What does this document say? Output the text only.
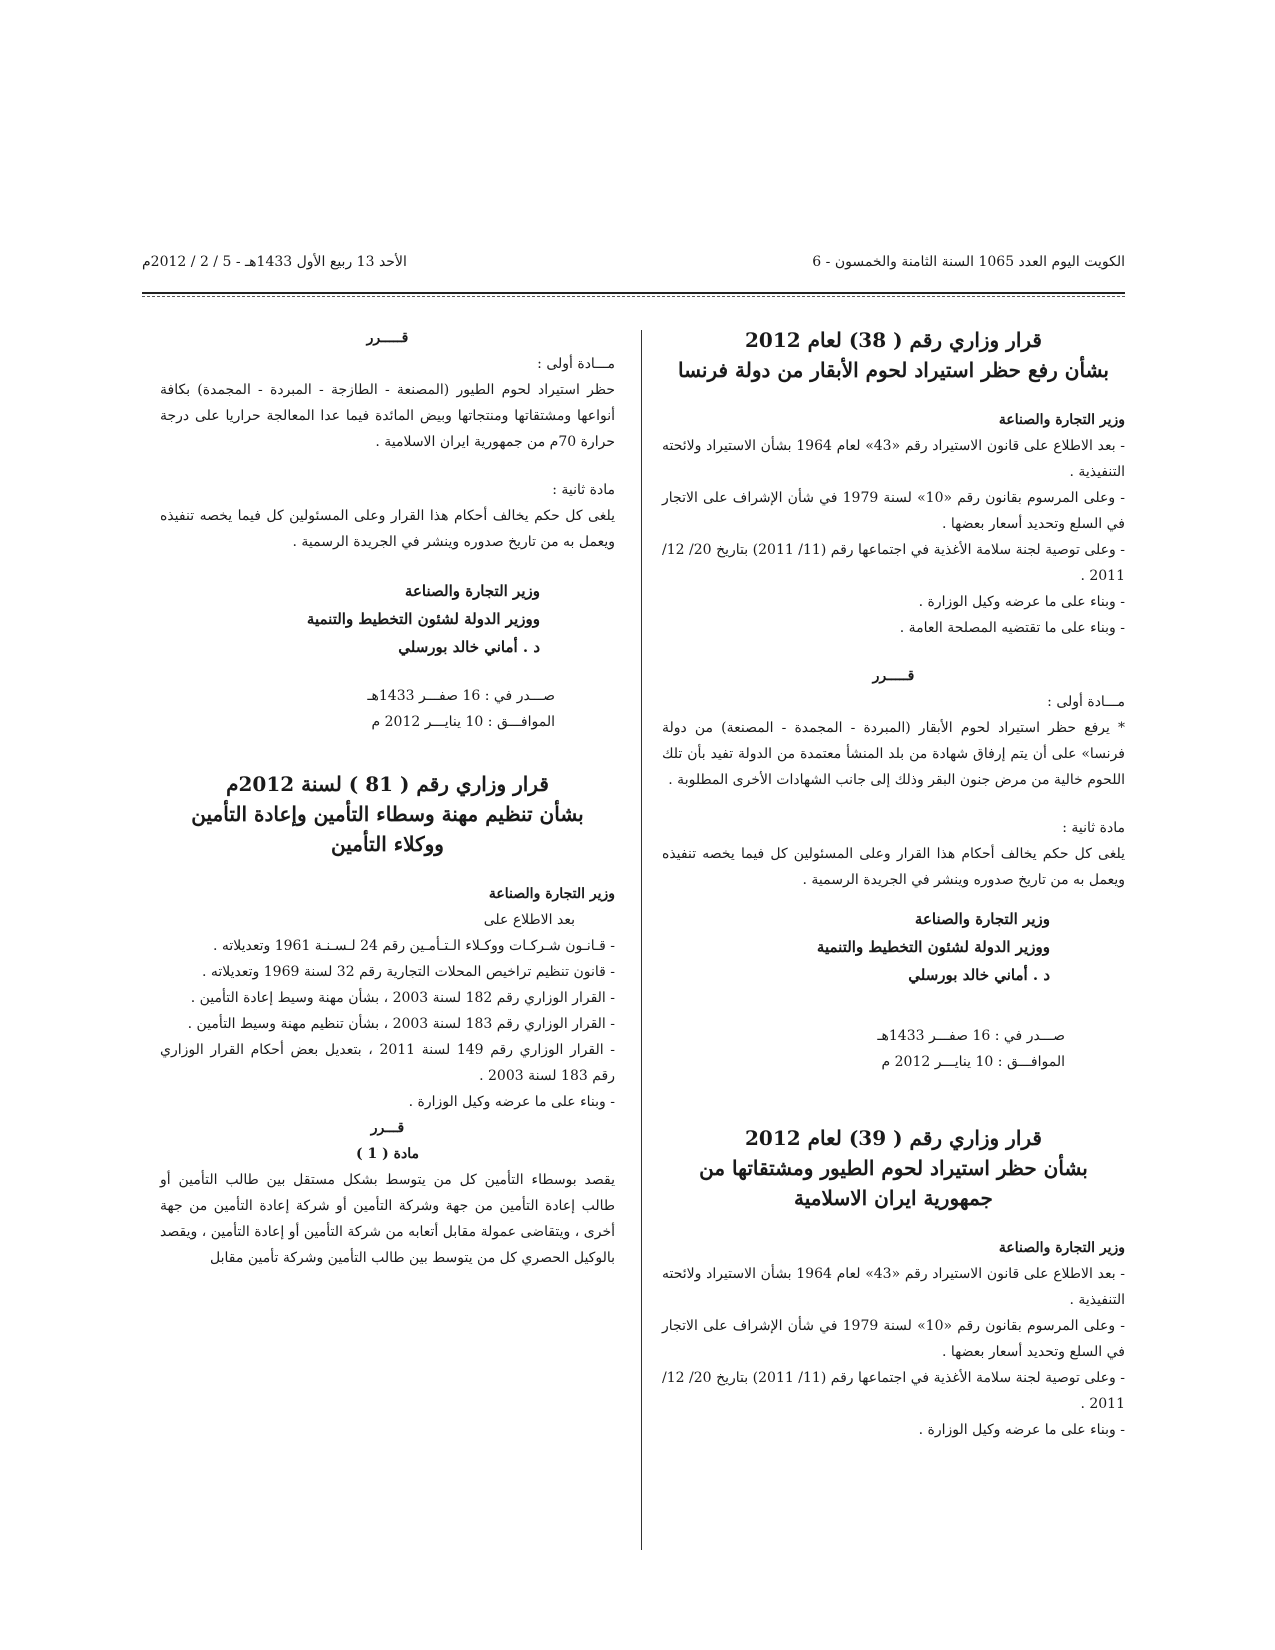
الكويت اليوم العدد 1065 السنة الثامنة والخمسون - 6
الأحد 13 ربيع الأول 1433هـ - 5 / 2 / 2012م

قرار وزاري رقم ( 38) لعام 2012

بشأن رفع حظر استيراد لحوم الأبقار من دولة فرنسا

وزير التجارة والصناعة

- بعد الاطلاع على قانون الاستيراد رقم «43» لعام 1964 بشأن الاستيراد ولائحته التنفيذية .

- وعلى المرسوم بقانون رقم «10» لسنة 1979 في شأن الإشراف على الاتجار في السلع وتحديد أسعار بعضها .

- وعلى توصية لجنة سلامة الأغذية في اجتماعها رقم (11/ 2011) بتاريخ 20/ 12/ 2011 .

- وبناء على ما عرضه وكيل الوزارة .

- وبناء على ما تقتضيه المصلحة العامة .

قـــــرر

مـــادة أولى :

* يرفع حظر استيراد لحوم الأبقار (المبردة - المجمدة - المصنعة) من دولة فرنسا» على أن يتم إرفاق شهادة من بلد المنشأ معتمدة من الدولة تفيد بأن تلك اللحوم خالية من مرض جنون البقر وذلك إلى جانب الشهادات الأخرى المطلوبة .

مادة ثانية :

يلغى كل حكم يخالف أحكام هذا القرار وعلى المسئولين كل فيما يخصه تنفيذه ويعمل به من تاريخ صدوره وينشر في الجريدة الرسمية .

وزير التجارة والصناعة

ووزير الدولة لشئون التخطيط والتنمية

د . أماني خالد بورسلي

صـــدر في : 16 صفـــر 1433هـ

الموافـــق : 10 ينايـــر 2012 م

قرار وزاري رقم ( 39) لعام 2012

بشأن حظر استيراد لحوم الطيور ومشتقاتها من

جمهورية ايران الاسلامية

وزير التجارة والصناعة

- بعد الاطلاع على قانون الاستيراد رقم «43» لعام 1964 بشأن الاستيراد ولائحته التنفيذية .

- وعلى المرسوم بقانون رقم «10» لسنة 1979 في شأن الإشراف على الاتجار في السلع وتحديد أسعار بعضها .

- وعلى توصية لجنة سلامة الأغذية في اجتماعها رقم (11/ 2011) بتاريخ 20/ 12/ 2011 .

- وبناء على ما عرضه وكيل الوزارة .

قـــــرر

مـــادة أولى :

حظر استيراد لحوم الطيور (المصنعة - الطازجة - المبردة - المجمدة) بكافة أنواعها ومشتقاتها ومنتجاتها وبيض المائدة فيما عدا المعالجة حراريا على درجة حرارة 70م من جمهورية ايران الاسلامية .

مادة ثانية :

يلغى كل حكم يخالف أحكام هذا القرار وعلى المسئولين كل فيما يخصه تنفيذه ويعمل به من تاريخ صدوره وينشر في الجريدة الرسمية .

وزير التجارة والصناعة

ووزير الدولة لشئون التخطيط والتنمية

د . أماني خالد بورسلي

صـــدر في : 16 صفـــر 1433هـ

الموافـــق : 10 ينايـــر 2012 م

قرار وزاري رقم ( 81 ) لسنة 2012م

بشأن تنظيم مهنة وسطاء التأمين وإعادة التأمين

ووكلاء التأمين

وزير التجارة والصناعة

بعد الاطلاع على

- قـانـون شـركـات ووكـلاء الـتـأمـين رقم 24 لـسـنـة 1961 وتعديلاته .

- قانون تنظيم تراخيص المحلات التجارية رقم 32 لسنة 1969 وتعديلاته .

- القرار الوزاري رقم 182 لسنة 2003 ، بشأن مهنة وسيط إعادة التأمين .

- القرار الوزاري رقم 183 لسنة 2003 ، بشأن تنظيم مهنة وسيط التأمين .

- القرار الوزاري رقم 149 لسنة 2011 ، بتعديل بعض أحكام القرار الوزاري رقم 183 لسنة 2003 .

- وبناء على ما عرضه وكيل الوزارة .

قـــرر

مادة ( 1 )

يقصد بوسطاء التأمين كل من يتوسط بشكل مستقل بين طالب التأمين أو طالب إعادة التأمين من جهة وشركة التأمين أو شركة إعادة التأمين من جهة أخرى ، ويتقاضى عمولة مقابل أتعابه من شركة التأمين أو إعادة التأمين ، ويقصد بالوكيل الحصري كل من يتوسط بين طالب التأمين وشركة تأمين مقابل
